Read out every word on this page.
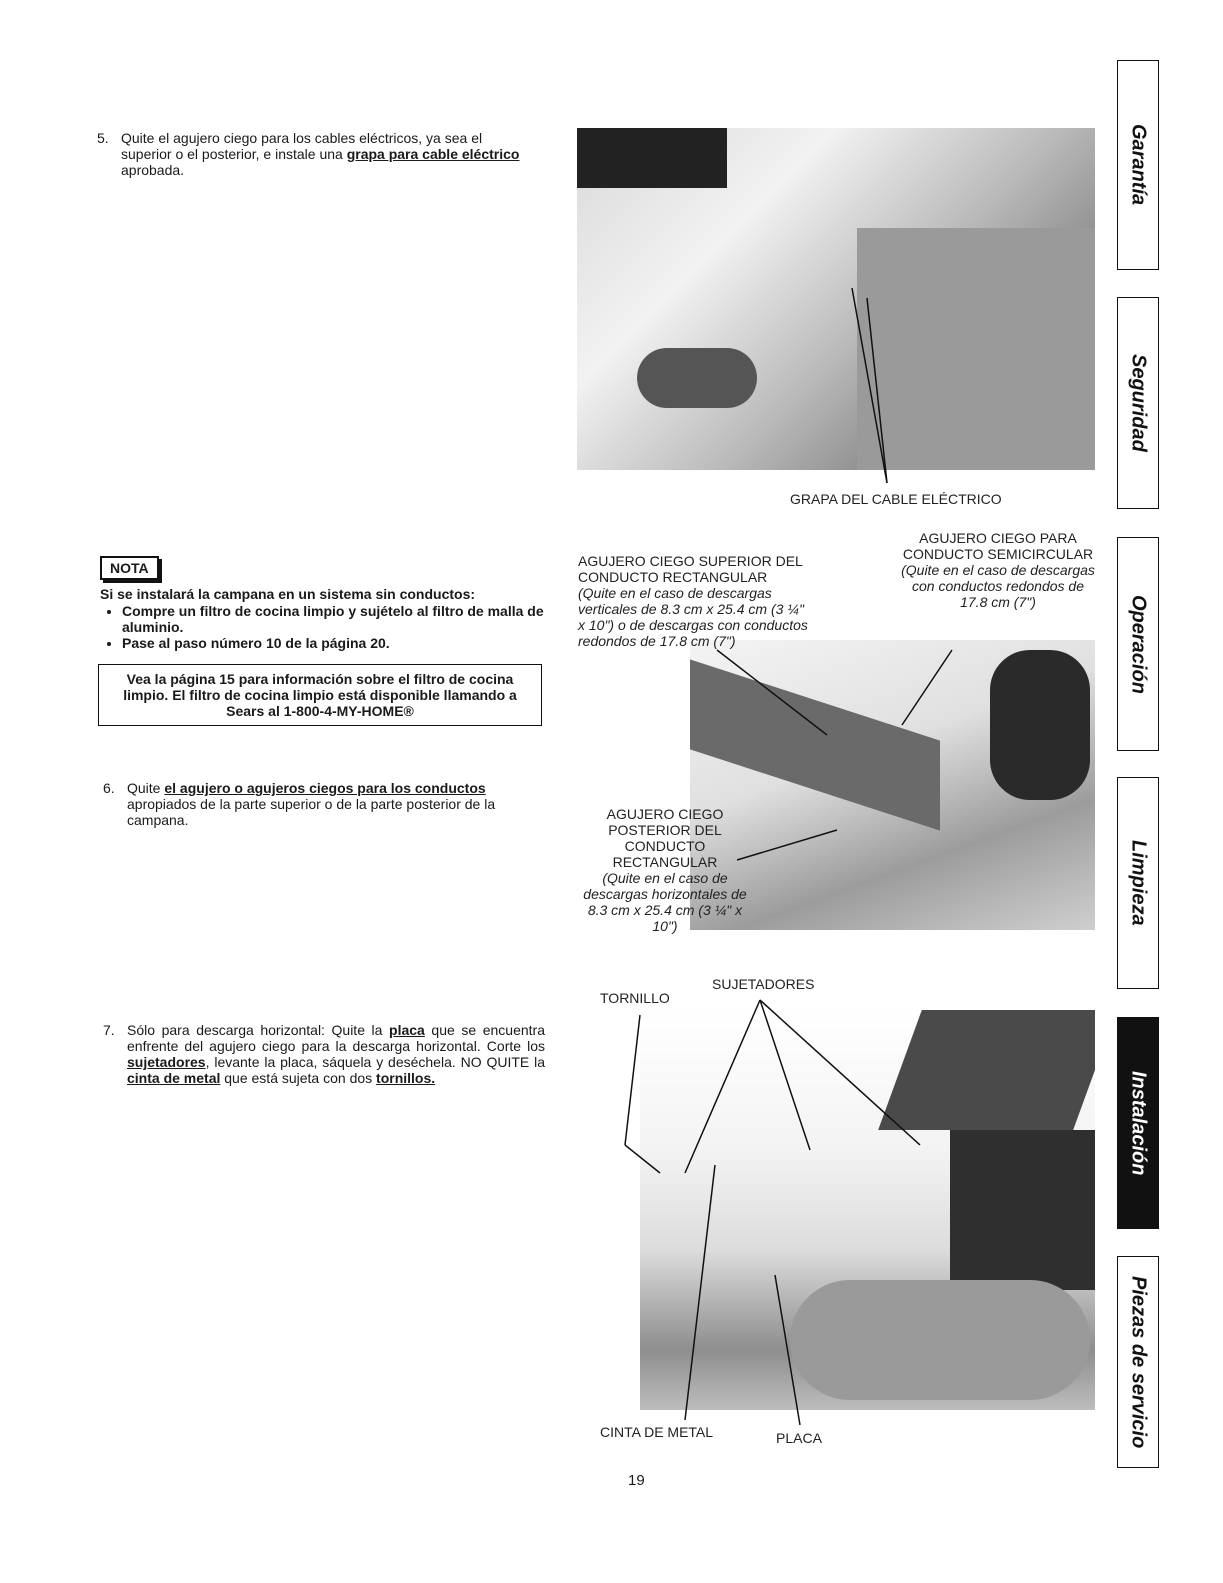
5. Quite el agujero ciego para los cables eléctricos, ya sea el superior o el posterior, e instale una grapa para cable eléctrico aprobada.
GRAPA DEL CABLE ELÉCTRICO
NOTA
Si se instalará la campana en un sistema sin conductos:
• Compre un filtro de cocina limpio y sujételo al filtro de malla de aluminio.
• Pase al paso número 10 de la página 20.
Vea la página 15 para información sobre el filtro de cocina limpio. El filtro de cocina limpio está disponible llamando a Sears al 1-800-4-MY-HOME®
6. Quite el agujero o agujeros ciegos para los conductos apropiados de la parte superior o de la parte posterior de la campana.
AGUJERO CIEGO SUPERIOR DEL CONDUCTO RECTANGULAR
(Quite en el caso de descargas verticales de 8.3 cm x 25.4 cm (3 ¼" x 10") o de descargas con conductos redondos de 17.8 cm (7")
AGUJERO CIEGO PARA CONDUCTO SEMICIRCULAR
(Quite en el caso de descargas con conductos redondos de 17.8 cm (7")
AGUJERO CIEGO POSTERIOR DEL CONDUCTO RECTANGULAR
(Quite en el caso de descargas horizontales de 8.3 cm x 25.4 cm (3 ¼" x 10")
7. Sólo para descarga horizontal: Quite la placa que se encuentra enfrente del agujero ciego para la descarga horizontal. Corte los sujetadores, levante la placa, sáquela y deséchela. NO QUITE la cinta de metal que está sujeta con dos tornillos.
TORNILLO
SUJETADORES
CINTA DE METAL	PLACA
Garantía
Seguridad
Operación
Limpieza
Instalación
Piezas de servicio
19
